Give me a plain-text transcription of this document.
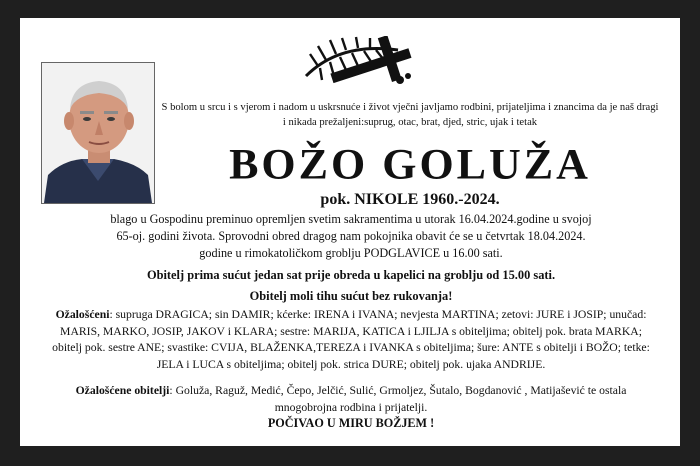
S bolom u srcu i s vjerom i nadom u uskrsnuće i život vječni javljamo rodbini, prijateljima i znancima da je naš dragi i nikada prežaljeni:suprug, otac, brat, djed, stric, ujak i tetak
BOŽO GOLUŽA
pok. NIKOLE 1960.-2024.
blago u Gospodinu preminuo opremljen svetim sakramentima u utorak 16.04.2024.godine u svojoj
65-oj. godini života. Sprovodni obred dragog nam pokojnika obavit će se u četvrtak 18.04.2024.
godine u rimokatoličkom groblju PODGLAVICE u 16.00 sati.
Obitelj prima sućut jedan sat prije obreda u kapelici na groblju od 15.00 sati.
Obitelj moli tihu sućut bez rukovanja!
Ožalošćeni: supruga DRAGICA; sin DAMIR; kćerke: IRENA i IVANA; nevjesta MARTINA; zetovi: JURE i JOSIP; unučad: MARIS, MARKO, JOSIP, JAKOV i KLARA; sestre: MARIJA, KATICA i LJILJA s obiteljima; obitelj pok. brata MARKA; obitelj pok. sestre ANE; svastike: CVIJA, BLAŽENKA,TEREZA i IVANKA s obiteljima; šure: ANTE s obitelji i BOŽO; tetke: JELA i LUCA s obiteljima; obitelj pok. strica DURE; obitelj pok. ujaka ANDRIJE.
Ožalošćene obitelji: Goluža, Raguž, Medić, Čepo, Jelčić, Sulić, Grmoljez, Šutalo, Bogdanović , Matijašević te ostala mnogobrojna rodbina i prijatelji.
POČIVAO U MIRU BOŽJEM !
